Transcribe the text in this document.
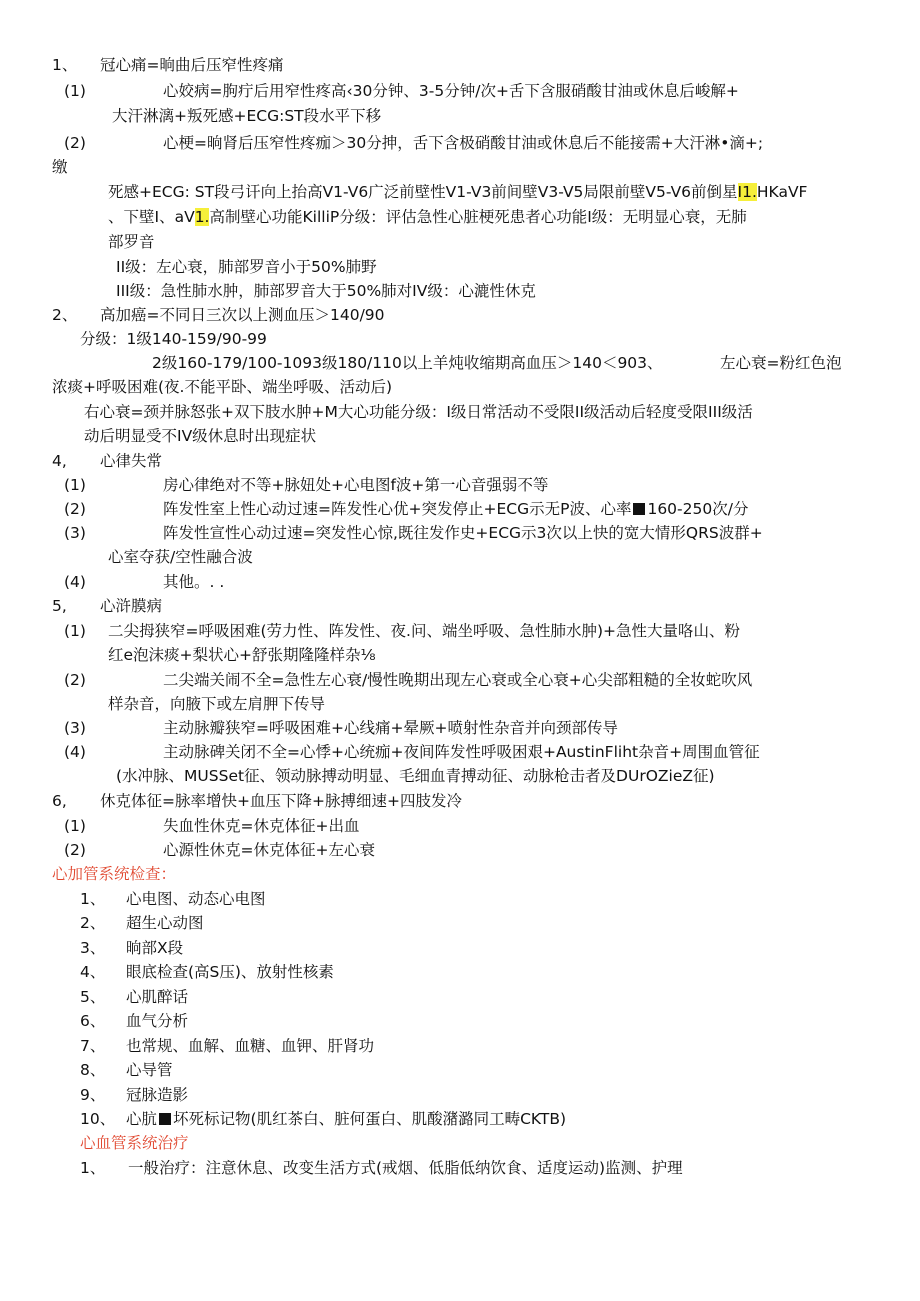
1、 冠心痛=晌曲后压窄性疼痛
(1)	心姣病=朐疔后用窄性疼高‹30分钟、3-5分钟/次+舌下含服硝酸甘油或休息后峻解+
大汗淋漓+叛死感+ECG:ST段水平下移
(2)	心梗=晌肾后压窄性疼痂＞30分抻，舌下含极硝酸甘油或休息后不能接需+大汗淋•滴+;
缴
死感+ECG: ST段弓讦向上抬高V1-V6广泛前壁性V1-V3前间壁V3-V5局限前壁V5-V6前倒星I1.HKaVF
、下壁I、aV1.高制壁心功能KilliP分级：评估急性心脏梗死患者心功能I级：无明显心衰，无肺
部罗音
II级：左心衰，肺部罗音小于50%肺野
III级：急性肺水肿，肺部罗音大于50%肺对IV级：心漉性休克
2、 高加癌=不同日三次以上测血压＞140/90
分级：1级140-159/90-99
2级160-179/100-1093级180/110以上羊炖收缩期高血压＞140＜903、	左心衰=粉红色泡
浓痰+呼吸困难(夜.不能平卧、端坐呼吸、活动后)
右心衰=颈并脉怒张+双下肢水肿+M大心功能分级：I级日常活动不受限II级活动后轻度受限III级活
动后明显受不IV级休息时出现症状
4, 心律失常
(1)	房心律绝对不等+脉妞处+心电图f波+第一心音强弱不等
(2)	阵发性室上性心动过速=阵发性心优+突发停止+ECG示无P波、心率 160-250次/分
(3)	阵发性宣性心动过速=突发性心惊,既往发作史+ECG示3次以上快的宽大情形QRS波群+
心室夺获/空性融合波
(4)	其他。. .
5, 心浒膜病
(1) 二尖拇狭窄=呼吸困难(劳力性、阵发性、夜.问、端坐呼吸、急性肺水肿)+急性大量咯山、粉
红e泡沫痰+梨状心+舒张期隆隆样杂⅛
(2)	二尖端关闹不全=急性左心衰/慢性晚期出现左心衰或全心衰+心尖部粗糙的全妆蛇吹风
样杂音，向腋下或左肩胛下传导
(3)	主动脉瓣狭窄=呼吸困难+心线痛+晕厥+喷射性杂音并向颈部传导
(4)	主动脉碑关闭不全=心悸+心统痂+夜间阵发性呼吸困艰+AustinFliht杂音+周围血管征
(水冲脉、MUSSet征、领动脉搏动明显、毛细血青搏动征、动脉枪击者及DUrOZieZ征)
6, 休克体征=脉率增快+血压下降+脉搏细速+四肢发冷
(1)	失血性休克=休克体征+出血
(2)	心源性休克=休克体征+左心衰
心加管系统检查：
1、 心电图、动态心电图
2、 超生心动图
3、 晌部X段
4、 眼底检查(高S压)、放射性核素
5、 心肌醉话
6、 血气分析
7、 也常规、血解、血糖、血钾、肝肾功
8、 心导管
9、 冠脉造影
10、 心肮 坏死标记物(肌红茶白、脏何蛋白、肌酸潴潞同工畴CKTB)
心血管系统治疗
1、 一般治疗：注意休息、改变生活方式(戒烟、低脂低纳饮食、适度运动)监测、护理
